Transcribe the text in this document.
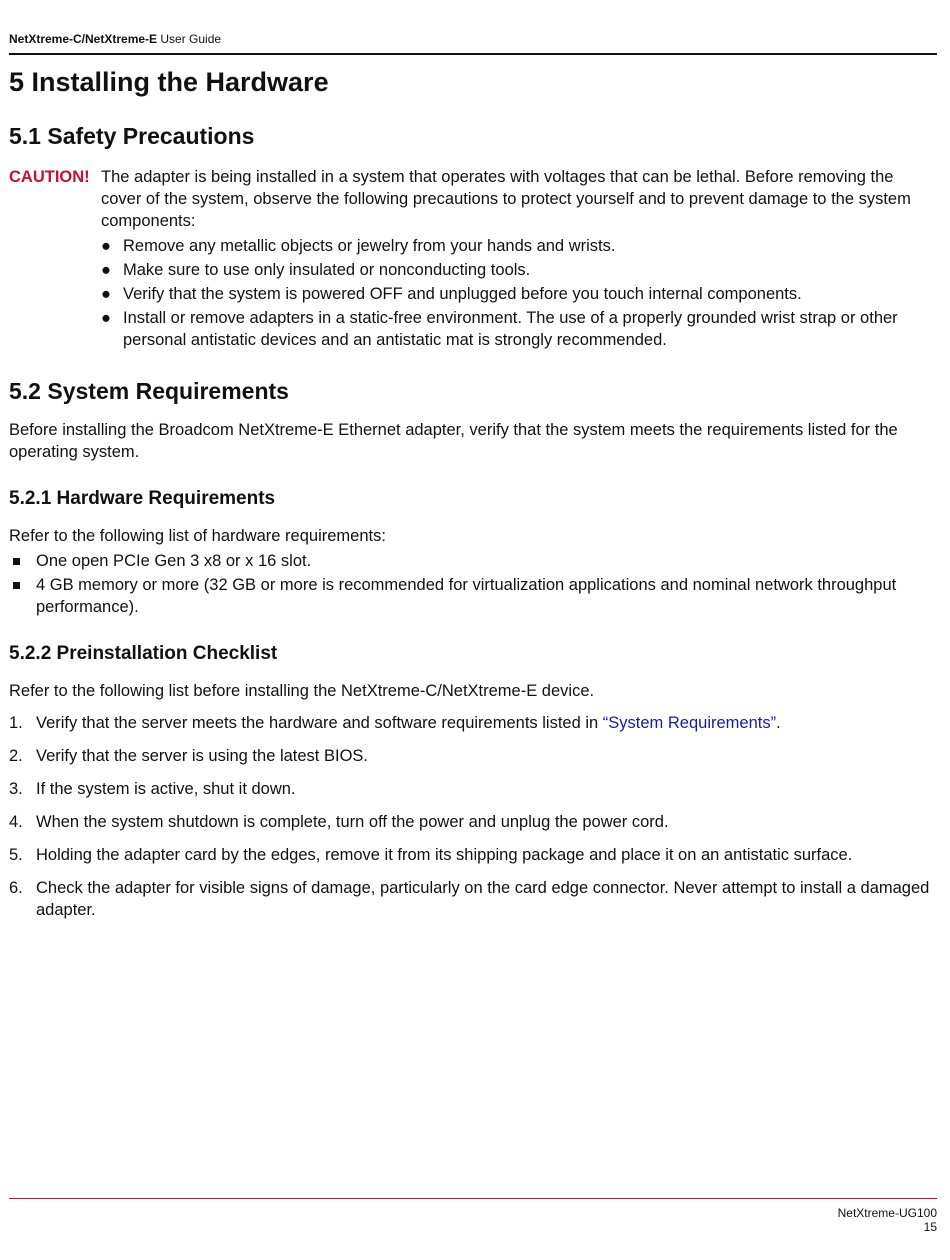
NetXtreme-C/NetXtreme-E User Guide
5 Installing the Hardware
5.1 Safety Precautions
CAUTION! The adapter is being installed in a system that operates with voltages that can be lethal. Before removing the cover of the system, observe the following precautions to protect yourself and to prevent damage to the system components:

● Remove any metallic objects or jewelry from your hands and wrists.
● Make sure to use only insulated or nonconducting tools.
● Verify that the system is powered OFF and unplugged before you touch internal components.
● Install or remove adapters in a static-free environment. The use of a properly grounded wrist strap or other personal antistatic devices and an antistatic mat is strongly recommended.
5.2 System Requirements

Before installing the Broadcom NetXtreme-E Ethernet adapter, verify that the system meets the requirements listed for the operating system.

5.2.1 Hardware Requirements

Refer to the following list of hardware requirements:

One open PCIe Gen 3 x8 or x 16 slot.
4 GB memory or more (32 GB or more is recommended for virtualization applications and nominal network throughput performance).
5.2.2 Preinstallation Checklist

Refer to the following list before installing the NetXtreme-C/NetXtreme-E device.

1. Verify that the server meets the hardware and software requirements listed in “System Requirements”.
2. Verify that the server is using the latest BIOS.
3. If the system is active, shut it down.
4. When the system shutdown is complete, turn off the power and unplug the power cord.
5. Holding the adapter card by the edges, remove it from its shipping package and place it on an antistatic surface.
6. Check the adapter for visible signs of damage, particularly on the card edge connector. Never attempt to install a damaged adapter.
NetXtreme-UG100
15
